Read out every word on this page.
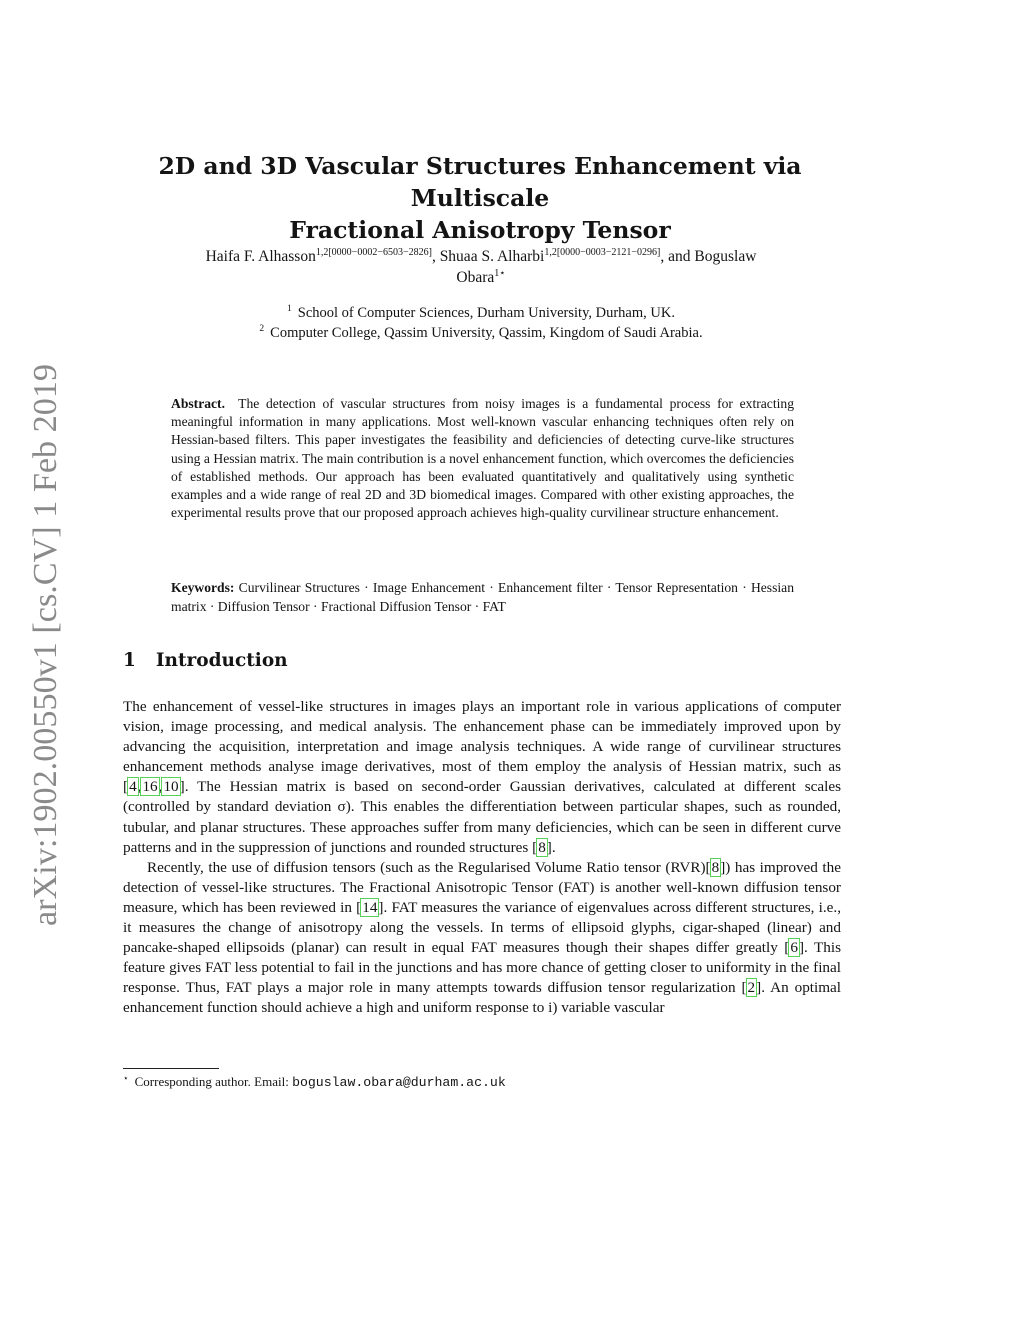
arXiv:1902.00550v1 [cs.CV] 1 Feb 2019
2D and 3D Vascular Structures Enhancement via Multiscale
Fractional Anisotropy Tensor
Haifa F. Alhasson$^{1,2[0000-0002-6503-2826]}$, Shuaa S. Alharbi$^{1,2[0000-0003-2121-0296]}$, and Boguslaw
Obara$^{1⋆}$
$^1$ School of Computer Sciences, Durham University, Durham, UK.
$^2$ Computer College, Qassim University, Qassim, Kingdom of Saudi Arabia.
Abstract. The detection of vascular structures from noisy images is a fundamental process for extracting meaningful information in many applications. Most well-known vascular enhancing techniques often rely on Hessian-based filters. This paper investigates the feasibility and deficiencies of detecting curve-like structures using a Hessian matrix. The main contribution is a novel enhancement function, which overcomes the deficiencies of established methods. Our approach has been evaluated quantitatively and qualitatively using synthetic examples and a wide range of real 2D and 3D biomedical images. Compared with other existing approaches, the experimental results prove that our proposed approach achieves high-quality curvilinear structure enhancement.
Keywords: Curvilinear Structures · Image Enhancement · Enhancement filter · Tensor Representation · Hessian matrix · Diffusion Tensor · Fractional Diffusion Tensor · FAT
1 Introduction

The enhancement of vessel-like structures in images plays an important role in various applications of computer vision, image processing, and medical analysis. The enhancement phase can be immediately improved upon by advancing the acquisition, interpretation and image analysis techniques. A wide range of curvilinear structures enhancement methods analyse image derivatives, most of them employ the analysis of Hessian matrix, such as [4,16,10]. The Hessian matrix is based on second-order Gaussian derivatives, calculated at different scales (controlled by standard deviation σ). This enables the differentiation between particular shapes, such as rounded, tubular, and planar structures. These approaches suffer from many deficiencies, which can be seen in different curve patterns and in the suppression of junctions and rounded structures [8].

Recently, the use of diffusion tensors (such as the Regularised Volume Ratio tensor (RVR)[8]) has improved the detection of vessel-like structures. The Fractional Anisotropic Tensor (FAT) is another well-known diffusion tensor measure, which has been reviewed in [14]. FAT measures the variance of eigenvalues across different structures, i.e., it measures the change of anisotropy along the vessels. In terms of ellipsoid glyphs, cigar-shaped (linear) and pancake-shaped ellipsoids (planar) can result in equal FAT measures though their shapes differ greatly [6]. This feature gives FAT less potential to fail in the junctions and has more chance of getting closer to uniformity in the final response. Thus, FAT plays a major role in many attempts towards diffusion tensor regularization [2]. An optimal enhancement function should achieve a high and uniform response to i) variable vascular

⋆ Corresponding author. Email: boguslaw.obara@durham.ac.uk
